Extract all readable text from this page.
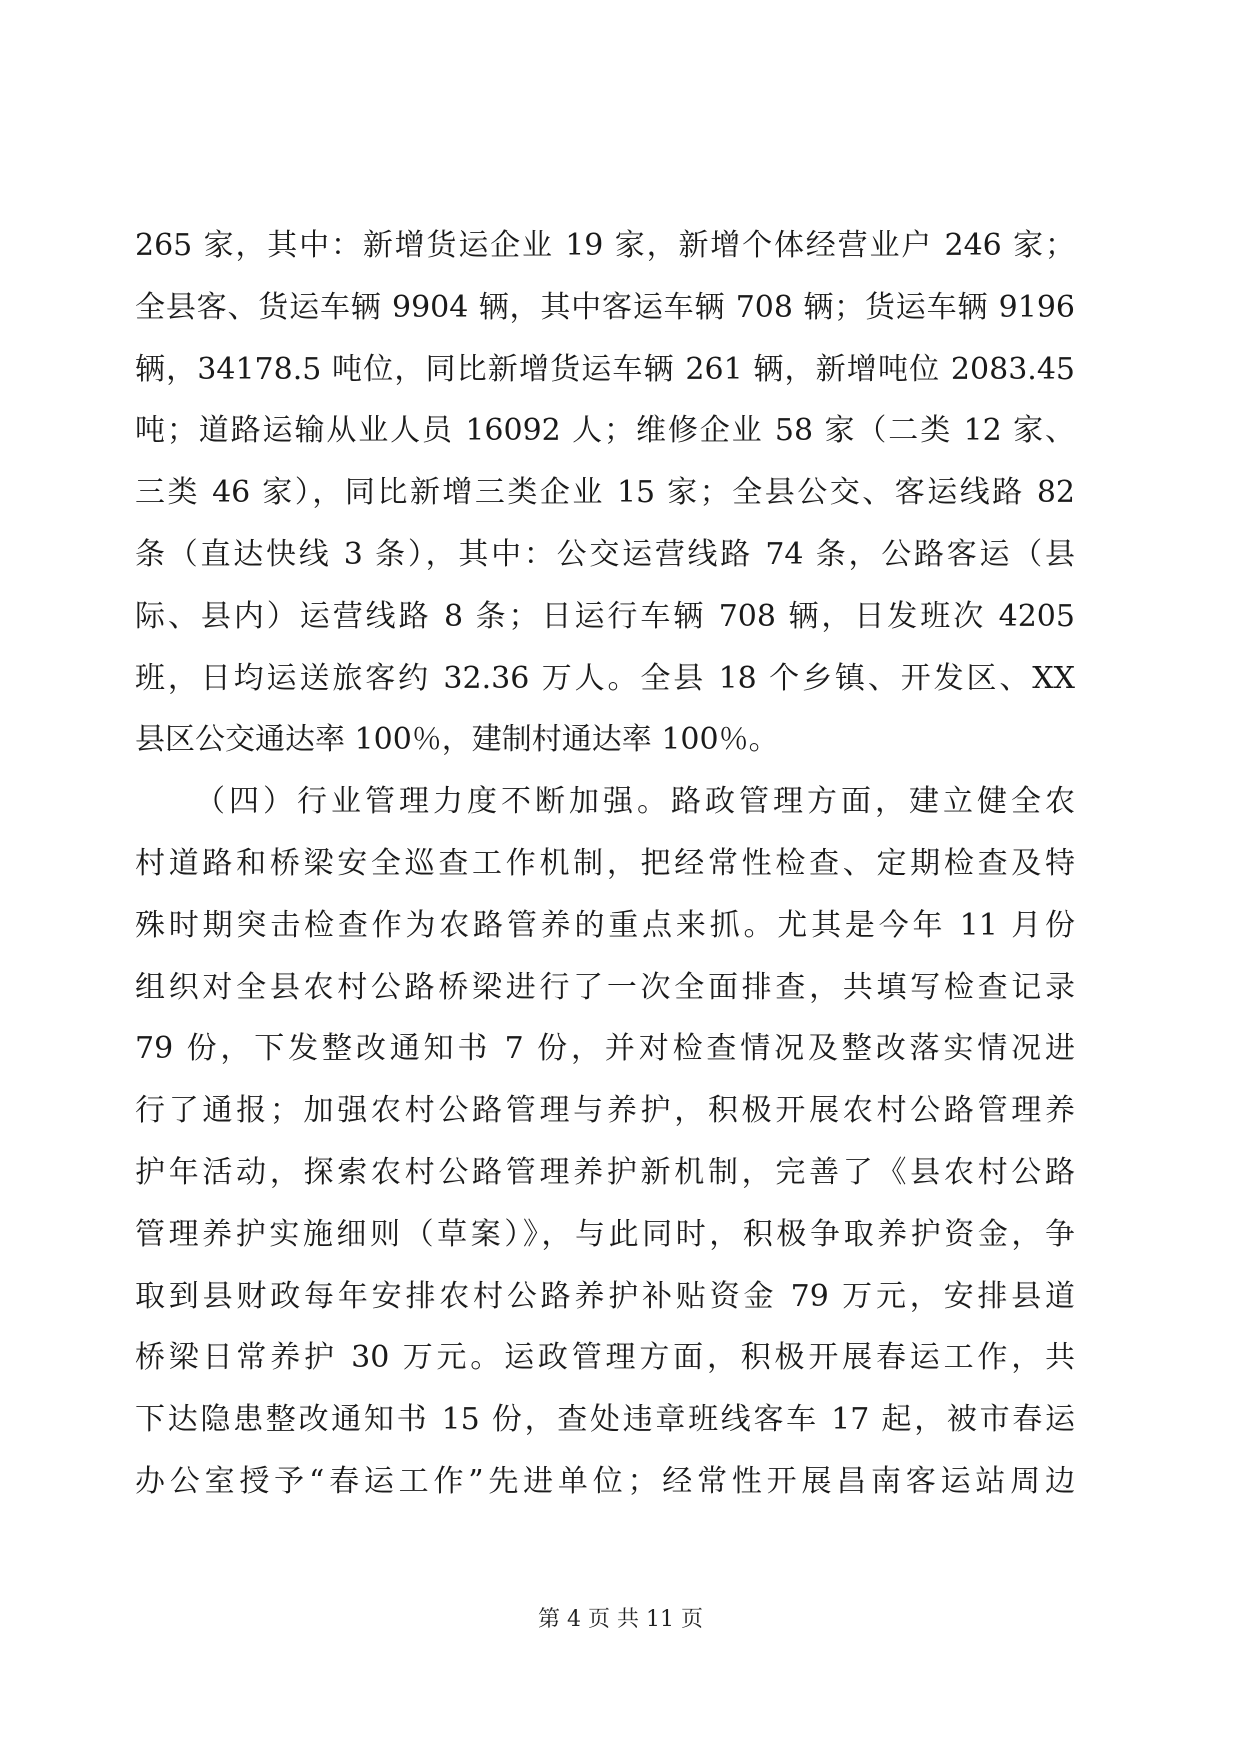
265 家，其中：新增货运企业 19 家，新增个体经营业户 246 家；
全县客、货运车辆 9904 辆，其中客运车辆 708 辆；货运车辆 9196
辆，34178.5 吨位，同比新增货运车辆 261 辆，新增吨位 2083.45
吨；道路运输从业人员 16092 人；维修企业 58 家（二类 12 家、
三类 46 家），同比新增三类企业 15 家；全县公交、客运线路 82
条（直达快线 3 条），其中：公交运营线路 74 条，公路客运（县
际、县内）运营线路 8 条；日运行车辆 708 辆，日发班次 4205
班，日均运送旅客约 32.36 万人。全县 18 个乡镇、开发区、XX
县区公交通达率 100％，建制村通达率 100％。
（四）行业管理力度不断加强。路政管理方面，建立健全农
村道路和桥梁安全巡查工作机制，把经常性检查、定期检查及特
殊时期突击检查作为农路管养的重点来抓。尤其是今年 11 月份
组织对全县农村公路桥梁进行了一次全面排查，共填写检查记录
79 份，下发整改通知书 7 份，并对检查情况及整改落实情况进
行了通报；加强农村公路管理与养护，积极开展农村公路管理养
护年活动，探索农村公路管理养护新机制，完善了《县农村公路
管理养护实施细则（草案）》，与此同时，积极争取养护资金，争
取到县财政每年安排农村公路养护补贴资金 79 万元，安排县道
桥梁日常养护 30 万元。运政管理方面，积极开展春运工作，共
下达隐患整改通知书 15 份，查处违章班线客车 17 起，被市春运
办公室授予“春运工作”先进单位；经常性开展昌南客运站周边
第 4 页 共 11 页
